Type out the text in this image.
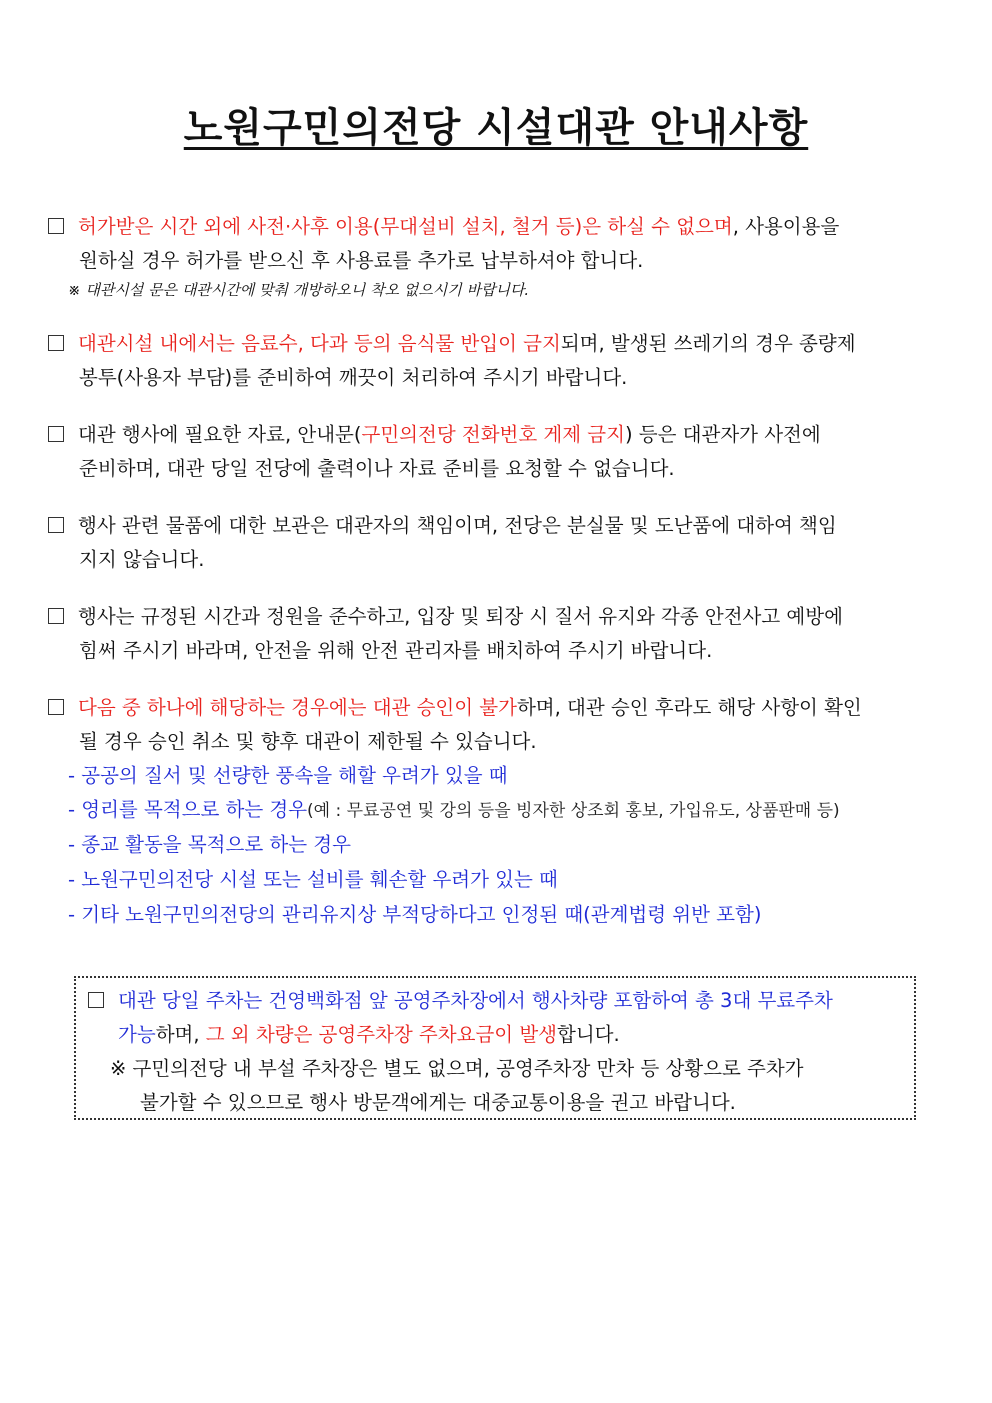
노원구민의전당 시설대관 안내사항
허가받은 시간 외에 사전·사후 이용(무대설비 설치, 철거 등)은 하실 수 없으며, 사용이용을
원하실 경우 허가를 받으신 후 사용료를 추가로 납부하셔야 합니다.
※ 대관시설 문은 대관시간에 맞춰 개방하오니 착오 없으시기 바랍니다.
대관시설 내에서는 음료수, 다과 등의 음식물 반입이 금지되며, 발생된 쓰레기의 경우 종량제
봉투(사용자 부담)를 준비하여 깨끗이 처리하여 주시기 바랍니다.
대관 행사에 필요한 자료, 안내문(구민의전당 전화번호 게제 금지) 등은 대관자가 사전에
준비하며, 대관 당일 전당에 출력이나 자료 준비를 요청할 수 없습니다.
행사 관련 물품에 대한 보관은 대관자의 책임이며, 전당은 분실물 및 도난품에 대하여 책임
지지 않습니다.
행사는 규정된 시간과 정원을 준수하고, 입장 및 퇴장 시 질서 유지와 각종 안전사고 예방에
힘써 주시기 바라며, 안전을 위해 안전 관리자를 배치하여 주시기 바랍니다.
다음 중 하나에 해당하는 경우에는 대관 승인이 불가하며, 대관 승인 후라도 해당 사항이 확인
될 경우 승인 취소 및 향후 대관이 제한될 수 있습니다.
- 공공의 질서 및 선량한 풍속을 해할 우려가 있을 때
- 영리를 목적으로 하는 경우(예 : 무료공연 및 강의 등을 빙자한 상조회 홍보, 가입유도, 상품판매 등)
- 종교 활동을 목적으로 하는 경우
- 노원구민의전당 시설 또는 설비를 훼손할 우려가 있는 때
- 기타 노원구민의전당의 관리유지상 부적당하다고 인정된 때(관계법령 위반 포함)
대관 당일 주차는 건영백화점 앞 공영주차장에서 행사차량 포함하여 총 3대 무료주차
가능하며, 그 외 차량은 공영주차장 주차요금이 발생합니다.
※ 구민의전당 내 부설 주차장은 별도 없으며, 공영주차장 만차 등 상황으로 주차가
불가할 수 있으므로 행사 방문객에게는 대중교통이용을 권고 바랍니다.
